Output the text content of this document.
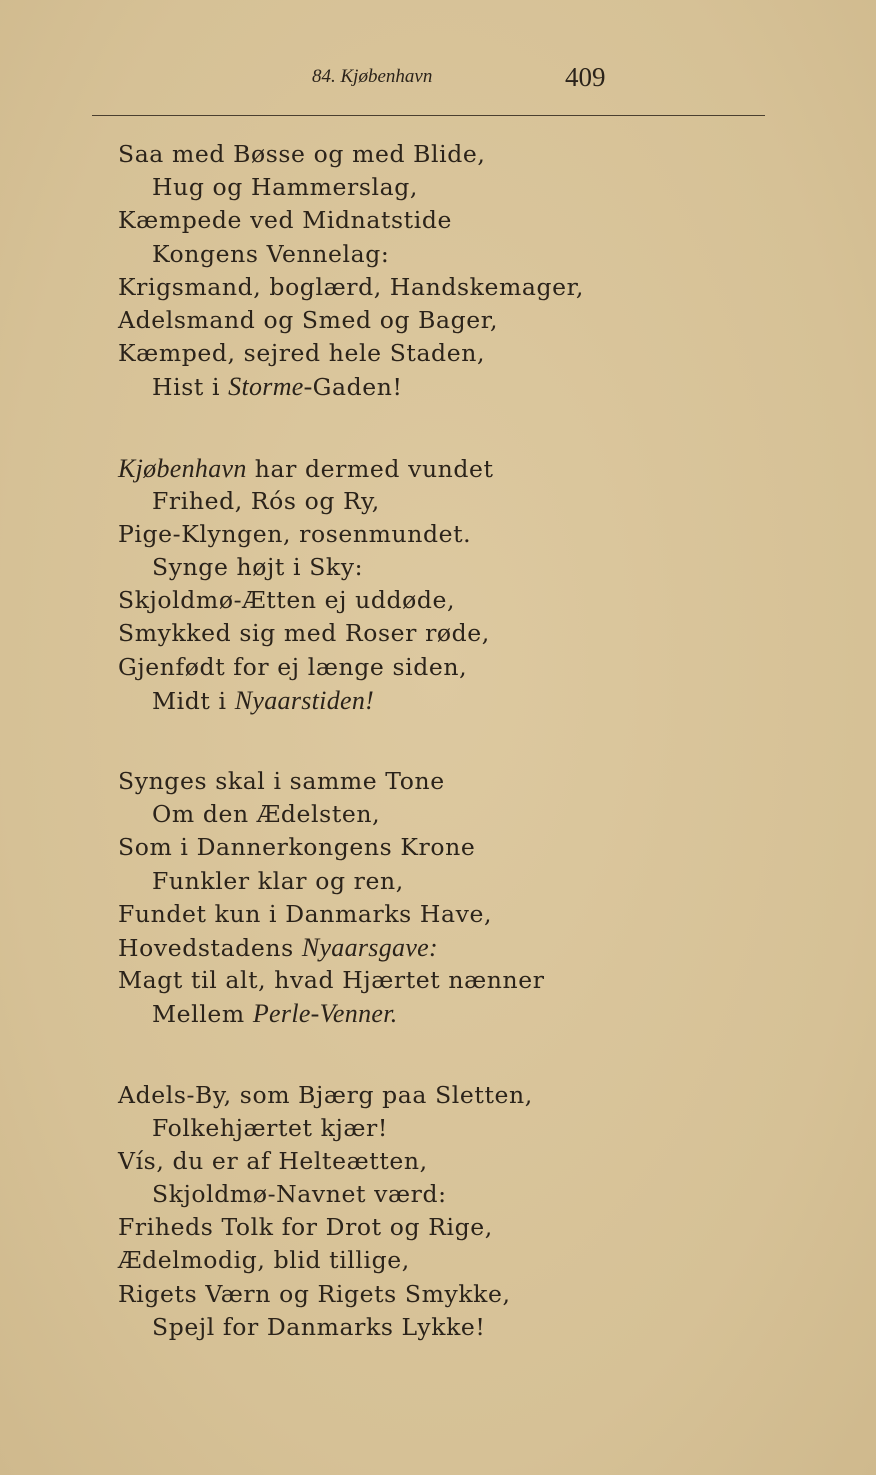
84. Kjøbenhavn	409
Saa med Bøsse og med Blide,
Hug og Hammerslag,
Kæmpede ved Midnatstide
Kongens Vennelag:
Krigsmand, boglærd, Handskemager,
Adelsmand og Smed og Bager,
Kæmped, sejred hele Staden,
Hist i Storme-Gaden!
Kjøbenhavn har dermed vundet
Frihed, Rós og Ry,
Pige-Klyngen, rosenmundet.
Synge højt i Sky:
Skjoldmø-Ætten ej uddøde,
Smykked sig med Roser røde,
Gjenfødt for ej længe siden,
Midt i Nyaarstiden!
Synges skal i samme Tone
Om den Ædelsten,
Som i Dannerkongens Krone
Funkler klar og ren,
Fundet kun i Danmarks Have,
Hovedstadens Nyaarsgave:
Magt til alt, hvad Hjærtet nænner
Mellem Perle-Venner.
Adels-By, som Bjærg paa Sletten,
Folkehjærtet kjær!
Vís, du er af Helteætten,
Skjoldmø-Navnet værd:
Friheds Tolk for Drot og Rige,
Ædelmodig, blid tillige,
Rigets Værn og Rigets Smykke,
Spejl for Danmarks Lykke!
